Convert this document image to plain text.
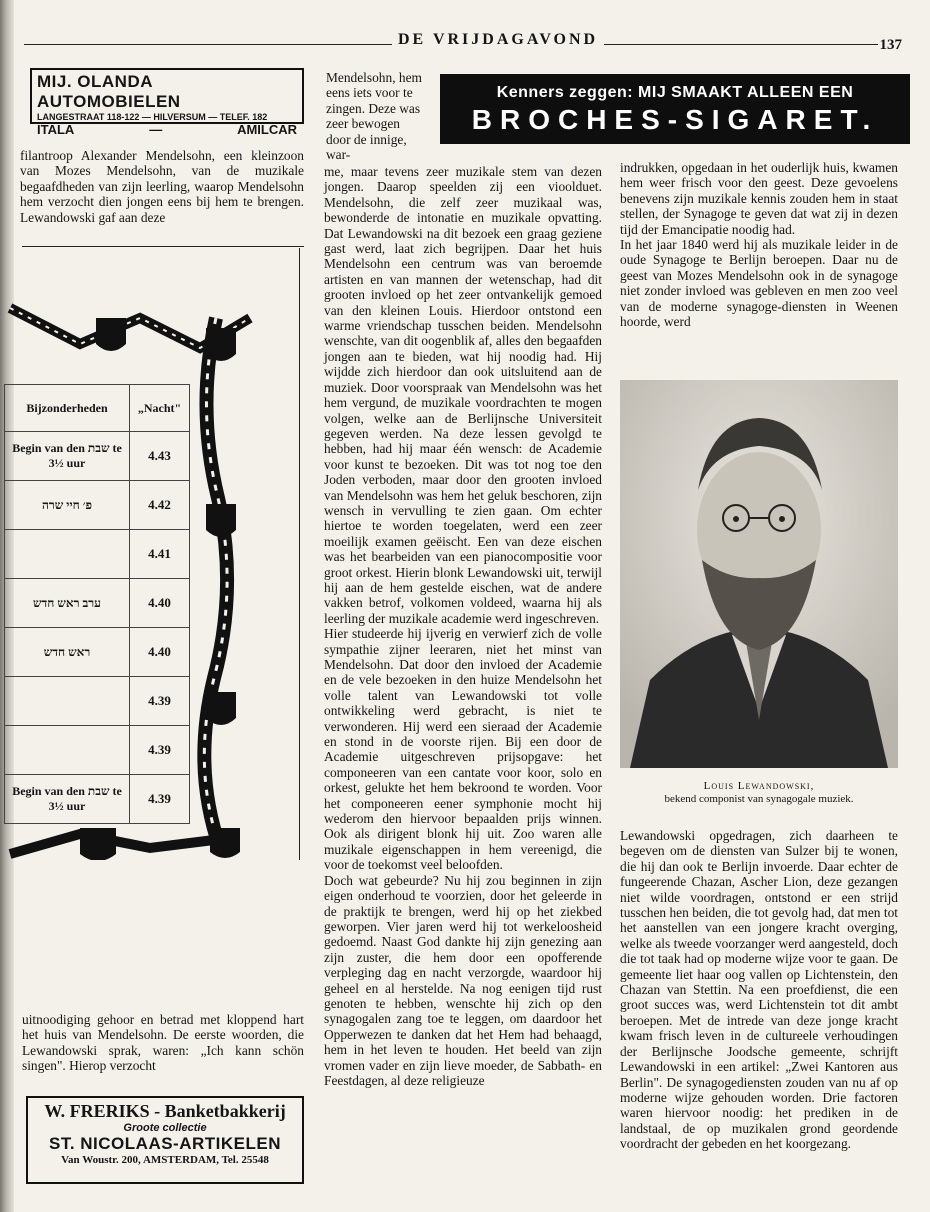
DE VRIJDAGAVOND	137
MIJ. OLANDA AUTOMOBIELEN
LANGESTRAAT 118-122 — HILVERSUM — TELEF. 182
ITALA	—	AMILCAR
Kenners zeggen: MIJ SMAAKT ALLEEN EEN
BROCHES-SIGARET.

filantroop Alexander Mendelsohn, een kleinzoon van Mozes Mendelsohn, van de muzikale begaafdheden van zijn leerling, waarop Mendelsohn hem verzocht dien jongen eens bij hem te brengen. Lewandowski gaf aan deze

Bijzonderheden	„Nacht"
Begin van den שבת te 3½ uur	4.43
פ׳ חיי שרה	4.42
	4.41
ערב ראש חדש	4.40
ראש חדש	4.40
	4.39
	4.39
Begin van den שבת te 3½ uur	4.39

uitnoodiging gehoor en betrad met kloppend hart het huis van Mendelsohn. De eerste woorden, die Lewandowski sprak, waren: „Ich kann schön singen". Hierop verzocht

W. FRERIKS - Banketbakkerij
Groote collectie
ST. NICOLAAS-ARTIKELEN
Van Woustr. 200, AMSTERDAM, Tel. 25548

Mendelsohn, hem eens iets voor te zingen. Deze was zeer bewogen door de innige, war-

me, maar tevens zeer muzikale stem van dezen jongen. Daarop speelden zij een vioolduet. Mendelsohn, die zelf zeer muzikaal was, bewonderde de intonatie en muzikale opvatting. Dat Lewandowski na dit bezoek een graag geziene gast werd, laat zich begrijpen. Daar het huis Mendelsohn een centrum was van beroemde artisten en van mannen der wetenschap, had dit grooten invloed op het zeer ontvankelijk gemoed van den kleinen Louis. Hierdoor ontstond een warme vriendschap tusschen beiden. Mendelsohn wenschte, van dit oogenblik af, alles den begaafden jongen aan te bieden, wat hij noodig had. Hij wijdde zich hierdoor dan ook uitsluitend aan de muziek. Door voorspraak van Mendelsohn was het hem vergund, de muzikale voordrachten te mogen volgen, welke aan de Berlijnsche Universiteit gegeven werden. Na deze lessen gevolgd te hebben, had hij maar één wensch: de Academie voor kunst te bezoeken. Dit was tot nog toe den Joden verboden, maar door den grooten invloed van Mendelsohn was hem het geluk beschoren, zijn wensch in vervulling te zien gaan. Om echter hiertoe te worden toegelaten, werd een zeer moeilijk examen geëischt. Een van deze eischen was het bearbeiden van een pianocompositie voor groot orkest. Hierin blonk Lewandowski uit, terwijl hij aan de hem gestelde eischen, wat de andere vakken betrof, volkomen voldeed, waarna hij als leerling der muzikale academie werd ingeschreven.

Hier studeerde hij ijverig en verwierf zich de volle sympathie zijner leeraren, niet het minst van Mendelsohn. Dat door den invloed der Academie en de vele bezoeken in den huize Mendelsohn het volle talent van Lewandowski tot volle ontwikkeling werd gebracht, is niet te verwonderen. Hij werd een sieraad der Academie en stond in de voorste rijen. Bij een door de Academie uitgeschreven prijsopgave: het componeeren van een cantate voor koor, solo en orkest, gelukte het hem bekroond te worden. Voor het componeeren eener symphonie mocht hij wederom den hiervoor bepaalden prijs winnen. Ook als dirigent blonk hij uit. Zoo waren alle muzikale eigenschappen in hem vereenigd, die voor de toekomst veel beloofden.

Doch wat gebeurde? Nu hij zou beginnen in zijn eigen onderhoud te voorzien, door het geleerde in de praktijk te brengen, werd hij op het ziekbed geworpen. Vier jaren werd hij tot werkeloosheid gedoemd. Naast God dankte hij zijn genezing aan zijn zuster, die hem door een opofferende verpleging dag en nacht verzorgde, waardoor hij geheel en al herstelde. Na nog eenigen tijd rust genoten te hebben, wenschte hij zich op den synagogalen zang toe te leggen, om daardoor het Opperwezen te danken dat het Hem had behaagd, hem in het leven te houden. Het beeld van zijn vromen vader en zijn lieve moeder, de Sabbath- en Feestdagen, al deze religieuze

indrukken, opgedaan in het ouderlijk huis, kwamen hem weer frisch voor den geest. Deze gevoelens benevens zijn muzikale kennis zouden hem in staat stellen, der Synagoge te geven dat wat zij in dezen tijd der Emancipatie noodig had.

In het jaar 1840 werd hij als muzikale leider in de oude Synagoge te Berlijn beroepen. Daar nu de geest van Mozes Mendelsohn ook in de synagoge niet zonder invloed was gebleven en men zoo veel van de moderne synagoge-diensten in Weenen hoorde, werd

Louis Lewandowski,
bekend componist van synagogale muziek.

Lewandowski opgedragen, zich daarheen te begeven om de diensten van Sulzer bij te wonen, die hij dan ook te Berlijn invoerde. Daar echter de fungeerende Chazan, Ascher Lion, deze gezangen niet wilde voordragen, ontstond er een strijd tusschen hen beiden, die tot gevolg had, dat men tot het aanstellen van een jongere kracht overging, welke als tweede voorzanger werd aangesteld, doch die tot taak had op moderne wijze voor te gaan. De gemeente liet haar oog vallen op Lichtenstein, den Chazan van Stettin. Na een proefdienst, die een groot succes was, werd Lichtenstein tot dit ambt beroepen. Met de intrede van deze jonge kracht kwam frisch leven in de cultureele verhoudingen der Berlijnsche Joodsche gemeente, schrijft Lewandowski in een artikel: „Zwei Kantoren aus Berlin". De synagogediensten zouden van nu af op moderne wijze gehouden worden. Drie factoren waren hiervoor noodig: het prediken in de landstaal, de op muzikalen grond geordende voordracht der gebeden en het koorgezang.
